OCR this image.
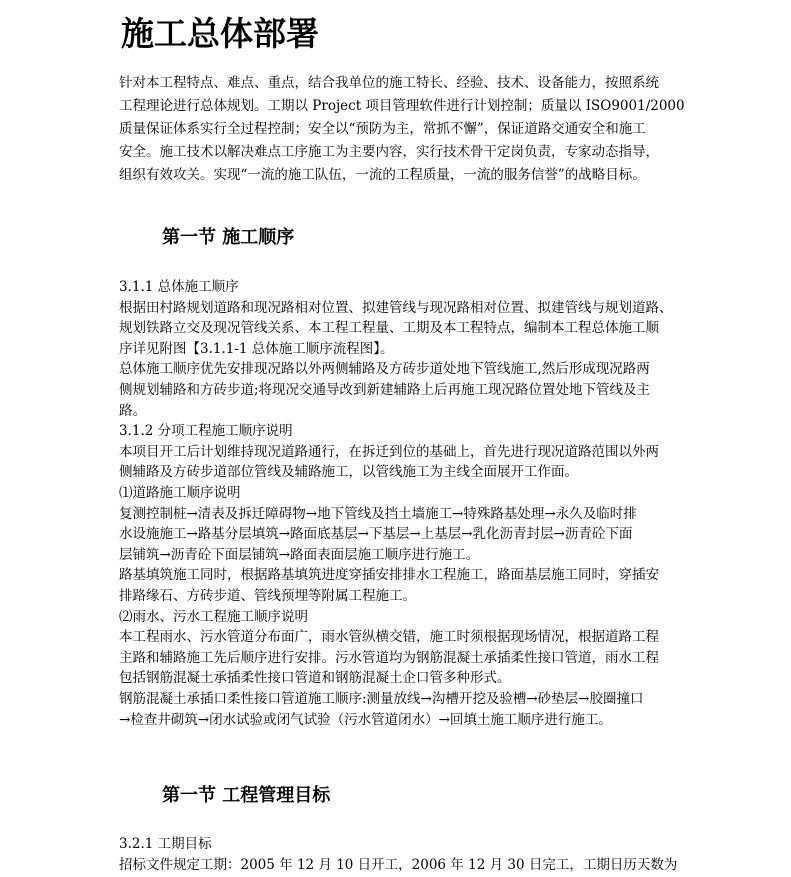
施工总体部署
针对本工程特点、难点、重点，结合我单位的施工特长、经验、技术、设备能力，按照系统
工程理论进行总体规划。工期以 Project 项目管理软件进行计划控制；质量以 ISO9001/2000
质量保证体系实行全过程控制；安全以“预防为主，常抓不懈”，保证道路交通安全和施工
安全。施工技术以解决难点工序施工为主要内容，实行技术骨干定岗负责，专家动态指导，
组织有效攻关。实现“一流的施工队伍，一流的工程质量，一流的服务信誉”的战略目标。
第一节 施工顺序
3.1.1 总体施工顺序
根据田村路规划道路和现况路相对位置、拟建管线与现况路相对位置、拟建管线与规划道路、
规划铁路立交及现况管线关系、本工程工程量、工期及本工程特点，编制本工程总体施工顺
序详见附图【3.1.1-1 总体施工顺序流程图】。
总体施工顺序优先安排现况路以外两侧辅路及方砖步道处地下管线施工,然后形成现况路两
侧规划辅路和方砖步道;将现况交通导改到新建辅路上后再施工现况路位置处地下管线及主
路。
3.1.2 分项工程施工顺序说明
本项目开工后计划维持现况道路通行，在拆迁到位的基础上，首先进行现况道路范围以外两
侧辅路及方砖步道部位管线及辅路施工，以管线施工为主线全面展开工作面。
⑴道路施工顺序说明
复测控制桩→清表及拆迁障碍物→地下管线及挡土墙施工→特殊路基处理→永久及临时排
水设施施工→路基分层填筑→路面底基层→下基层→上基层→乳化沥青封层→沥青砼下面
层铺筑→沥青砼下面层铺筑→路面表面层施工顺序进行施工。
路基填筑施工同时，根据路基填筑进度穿插安排排水工程施工，路面基层施工同时，穿插安
排路缘石、方砖步道、管线预埋等附属工程施工。
⑵雨水、污水工程施工顺序说明
本工程雨水、污水管道分布面广，雨水管纵横交错，施工时须根据现场情况，根据道路工程
主路和辅路施工先后顺序进行安排。污水管道均为钢筋混凝土承插柔性接口管道，雨水工程
包括钢筋混凝土承插柔性接口管道和钢筋混凝土企口管多种形式。
钢筋混凝土承插口柔性接口管道施工顺序:测量放线→沟槽开挖及验槽→砂垫层→胶圈撞口
→检查井砌筑→闭水试验或闭气试验（污水管道闭水）→回填土施工顺序进行施工。
第一节 工程管理目标
3.2.1 工期目标
招标文件规定工期：2005 年 12 月 10 日开工，2006 年 12 月 30 日完工，工期日历天数为
